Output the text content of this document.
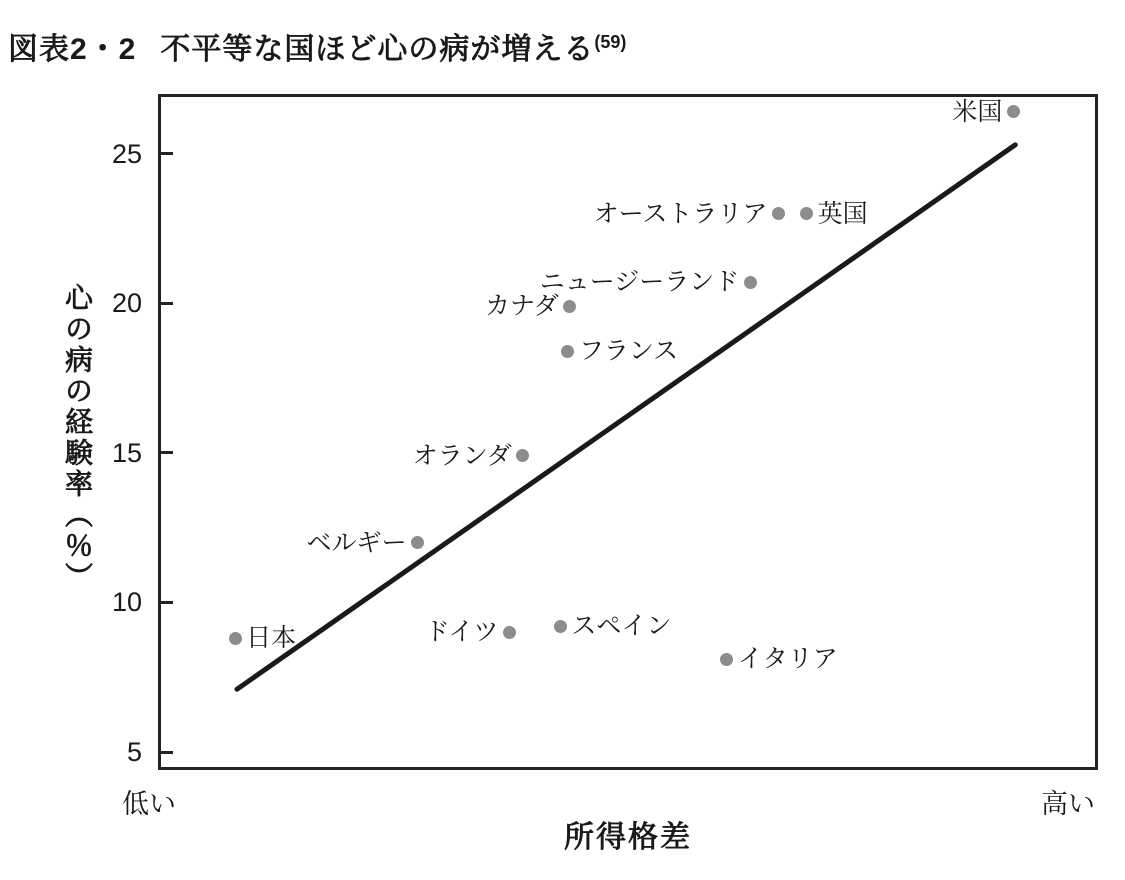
図表2・2 不平等な国ほど心の病が増える(59)
5
10
15
20
25
日本
ベルギー
ドイツ
オランダ
スペイン
フランス
カナダ
イタリア
ニュージーランド
オーストラリア 英国
米国
心の病の経験率（％）
低い	高い
所得格差
